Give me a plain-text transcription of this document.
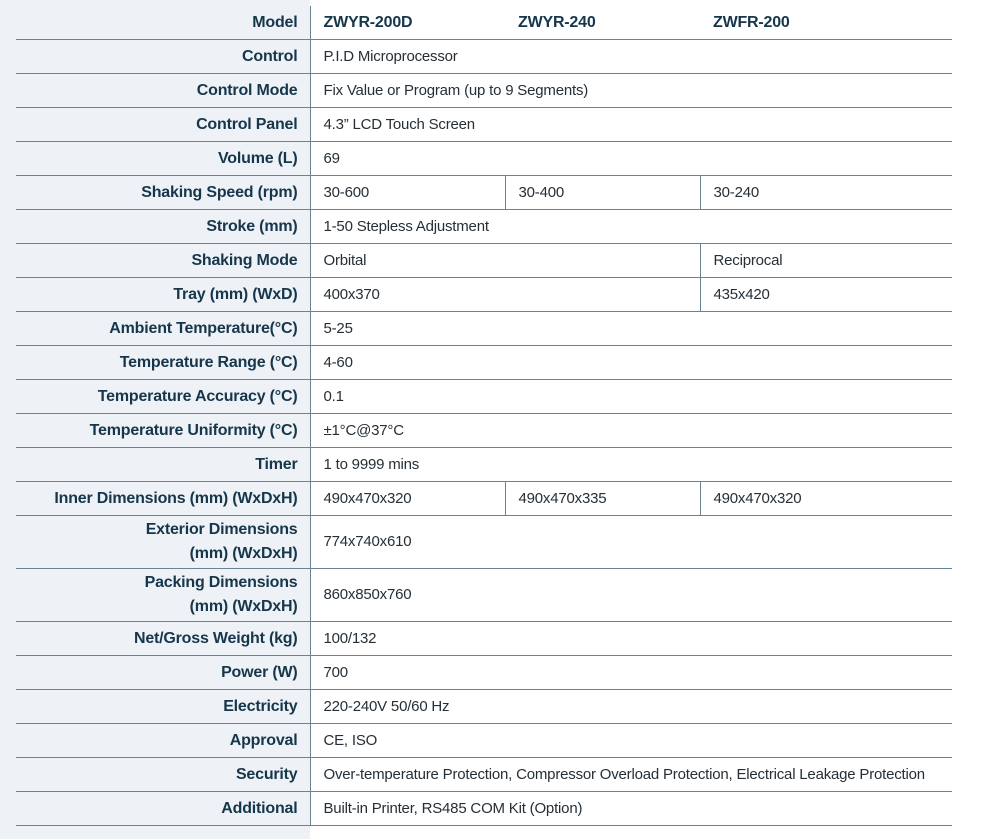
Model	ZWYR-200D	ZWYR-240	ZWFR-200
Control	P.I.D Microprocessor		
Control Mode	Fix Value or Program (up to 9 Segments)		
Control Panel	4.3” LCD Touch Screen		
Volume (L)	69		
Shaking Speed (rpm)	30-600	30-400	30-240
Stroke (mm)	1-50 Stepless Adjustment		
Shaking Mode	Orbital		Reciprocal
Tray (mm) (WxD)	400x370		435x420
Ambient Temperature(°C)	5-25		
Temperature Range (°C)	4-60		
Temperature Accuracy (°C)	0.1		
Temperature Uniformity (°C)	±1°C@37°C		
Timer	1 to 9999 mins		
Inner Dimensions (mm) (WxDxH)	490x470x320	490x470x335	490x470x320

Exterior Dimensions
(mm) (WxDxH)	774x740x610		

Packing Dimensions
(mm) (WxDxH)	860x850x760		
Net/Gross Weight (kg)	100/132		
Power (W)	700		
Electricity	220-240V 50/60 Hz		
Approval	CE, ISO		
Security	Over-temperature Protection, Compressor Overload Protection, Electrical Leakage Protection		
Additional	Built-in Printer, RS485 COM Kit (Option)		
